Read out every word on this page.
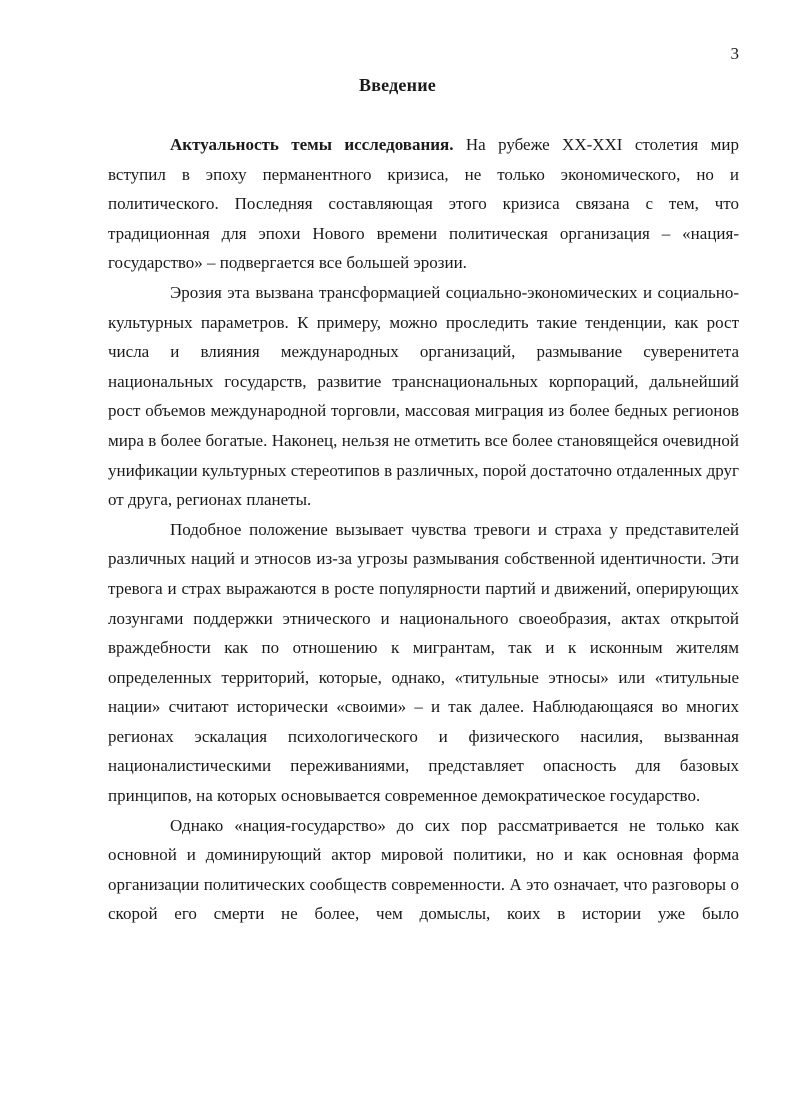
3
Введение

Актуальность темы исследования. На рубеже XX-XXI столетия мир вступил в эпоху перманентного кризиса, не только экономического, но и политического. Последняя составляющая этого кризиса связана с тем, что традиционная для эпохи Нового времени политическая организация – «нация-государство» – подвергается все большей эрозии.

Эрозия эта вызвана трансформацией социально-экономических и социально-культурных параметров. К примеру, можно проследить такие тенденции, как рост числа и влияния международных организаций, размывание суверенитета национальных государств, развитие транснациональных корпораций, дальнейший рост объемов международной торговли, массовая миграция из более бедных регионов мира в более богатые. Наконец, нельзя не отметить все более становящейся очевидной унификации культурных стереотипов в различных, порой достаточно отдаленных друг от друга, регионах планеты.

Подобное положение вызывает чувства тревоги и страха у представителей различных наций и этносов из-за угрозы размывания собственной идентичности. Эти тревога и страх выражаются в росте популярности партий и движений, оперирующих лозунгами поддержки этнического и национального своеобразия, актах открытой враждебности как по отношению к мигрантам, так и к исконным жителям определенных территорий, которые, однако, «титульные этносы» или «титульные нации» считают исторически «своими» – и так далее. Наблюдающаяся во многих регионах эскалация психологического и физического насилия, вызванная националистическими переживаниями, представляет опасность для базовых принципов, на которых основывается современное демократическое государство.

Однако «нация-государство» до сих пор рассматривается не только как основной и доминирующий актор мировой политики, но и как основная форма организации политических сообществ современности. А это означает, что разговоры о скорой его смерти не более, чем домыслы, коих в истории уже было
